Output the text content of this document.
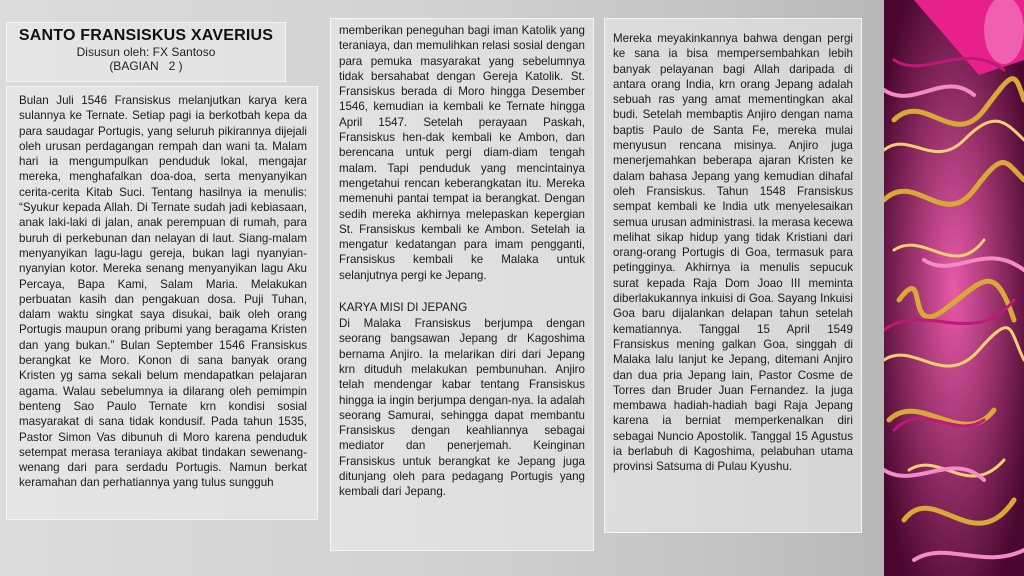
SANTO FRANSISKUS XAVERIUS
Disusun oleh: FX Santoso
(BAGIAN   2 )

Bulan Juli 1546 Fransiskus melanjutkan karya kera sulannya ke Ternate. Setiap pagi ia berkotbah kepa da para saudagar Portugis, yang seluruh pikirannya dijejali oleh urusan perdagangan rempah dan wani ta. Malam hari ia mengumpulkan penduduk lokal, mengajar mereka, menghafalkan doa-doa, serta menyanyikan cerita-cerita Kitab Suci. Tentang hasilnya ia menulis: “Syukur kepada Allah. Di Ternate sudah jadi kebiasaan, anak laki-laki di jalan, anak perempuan di rumah, para buruh di perkebunan dan nelayan di laut. Siang-malam menyanyikan lagu-lagu gereja, bukan lagi nyanyian-nyanyian kotor. Mereka senang menyanyikan lagu Aku Percaya, Bapa Kami, Salam Maria. Melakukan perbuatan kasih dan pengakuan dosa. Puji Tuhan, dalam waktu singkat saya disukai, baik oleh orang Portugis maupun orang pribumi yang beragama Kristen dan yang bukan.” Bulan September 1546 Fransiskus berangkat ke Moro. Konon di sana banyak orang Kristen yg sama sekali belum mendapatkan pelajaran agama. Walau sebelumnya ia dilarang oleh pemimpin benteng Sao Paulo Ternate krn kondisi sosial masyarakat di sana tidak kondusif. Pada tahun 1535, Pastor Simon Vas dibunuh di Moro karena penduduk setempat merasa teraniaya akibat tindakan sewenang-wenang dari para serdadu Portugis. Namun berkat keramahan dan perhatiannya yang tulus sungguh

memberikan peneguhan bagi iman Katolik yang teraniaya, dan memulihkan relasi sosial dengan para pemuka masyarakat yang sebelumnya tidak bersahabat dengan Gereja Katolik. St. Fransiskus berada di Moro hingga Desember 1546, kemudian ia kembali ke Ternate hingga April 1547. Setelah perayaan Paskah, Fransiskus hen-dak kembali ke Ambon, dan berencana untuk pergi diam-diam tengah malam. Tapi penduduk yang mencintainya mengetahui rencan keberangkatan itu. Mereka memenuhi pantai tempat ia berangkat. Dengan sedih mereka akhirnya melepaskan kepergian St. Fransiskus kembali ke Ambon. Setelah ia mengatur kedatangan para imam pengganti, Fransiskus kembali ke Malaka untuk selanjutnya pergi ke Jepang.

KARYA MISI DI JEPANG

Di Malaka Fransiskus berjumpa dengan seorang bangsawan Jepang dr Kagoshima bernama Anjiro. Ia melarikan diri dari Jepang krn dituduh melakukan pembunuhan. Anjiro telah mendengar kabar tentang Fransiskus hingga ia ingin berjumpa dengan-nya. Ia adalah seorang Samurai, sehingga dapat membantu Fransiskus dengan keahliannya sebagai mediator dan penerjemah. Keinginan Fransiskus untuk berangkat ke Jepang juga ditunjang oleh para pedagang Portugis yang kembali dari Jepang.

Mereka meyakinkannya bahwa dengan pergi ke sana ia bisa mempersembahkan lebih banyak pelayanan bagi Allah daripada di antara orang India, krn orang Jepang adalah sebuah ras yang amat mementingkan akal budi. Setelah membaptis Anjiro dengan nama baptis Paulo de Santa Fe, mereka mulai menyusun rencana misinya. Anjiro juga menerjemahkan beberapa ajaran Kristen ke dalam bahasa Jepang yang kemudian dihafal oleh Fransiskus. Tahun 1548 Fransiskus sempat kembali ke India utk menyelesaikan semua urusan administrasi. Ia merasa kecewa melihat sikap hidup yang tidak Kristiani dari orang-orang Portugis di Goa, termasuk para petingginya. Akhirnya ia menulis sepucuk surat kepada Raja Dom Joao III meminta diberlakukannya inkuisi di Goa. Sayang Inkuisi Goa baru dijalankan delapan tahun setelah kematiannya. Tanggal 15 April 1549 Fransiskus mening galkan Goa, singgah di Malaka lalu lanjut ke Jepang, ditemani Anjiro dan dua pria Jepang lain, Pastor Cosme de Torres dan Bruder Juan Fernandez. Ia juga membawa hadiah-hadiah bagi Raja Jepang karena ia berniat memperkenalkan diri sebagai Nuncio Apostolik. Tanggal 15 Agustus ia berlabuh di Kagoshima, pelabuhan utama provinsi Satsuma di Pulau Kyushu.
